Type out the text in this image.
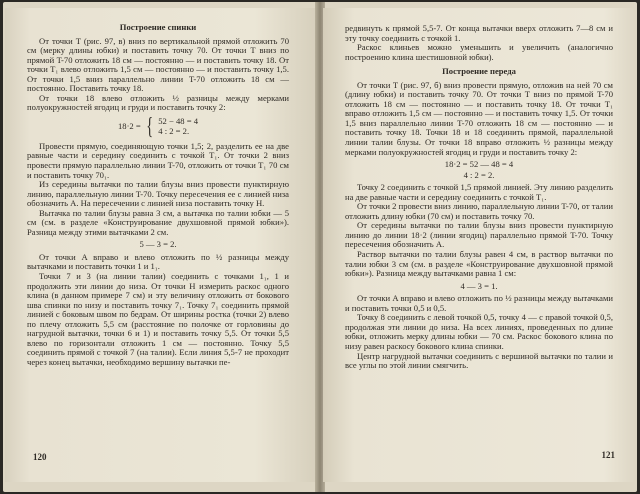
Построение спинки

От точки T (рис. 97, в) вниз по вертикальной прямой отложить 70 см (мерку длины юбки) и поставить точку 70. От точки T вниз по прямой T-70 отложить 18 см — постоянно — и поставить точку 18. От точки T₁ влево отложить 1,5 см — постоянно — и поставить точку 1,5. От точки 1,5 вниз параллельно линии T-70 отложить 18 см — постоянно. Поставить точку 18.

От точки 18 влево отложить ½ разницы между мерками полуокружностей ягодиц и груди и поставить точку 2:

18·2 = { 52 − 48 = 4
4 : 2 = 2.

Провести прямую, соединяющую точки 1,5; 2, разделить ее на две равные части и середину соединить с точкой T₁. От точки 2 вниз провести прямую параллельно линии T-70, отложить от точки T₁ 70 см и поставить точку 70₁.

Из середины вытачки по талии блузы вниз провести пунктирную линию, параллельную линии T-70. Точку пересечения ее с линией низа обозначить A. На пересечении с линией низа поставить точку H.

Вытачка по талии блузы равна 3 см, а вытачка по талии юбки — 5 см (см. в разделе «Конструирование двухшовной прямой юбки»). Разница между этими вытачками 2 см.

5 — 3 = 2.

От точки A вправо и влево отложить по ½ разницы между вытачками и поставить точки 1 и 1₁.

Точки 7 и 3 (на линии талии) соединить с точками 1₁, 1 и продолжить эти линии до низа. От точки H измерить раскос одного клина (в данном примере 7 см) и эту величину отложить от бокового шва спинки по низу и поставить точку 7₁. Точку 7₁ соединить прямой линией с боковым швом по бедрам. От ширины ростка (точки 2) влево по плечу отложить 5,5 см (расстояние по полочке от горловины до нагрудной вытачки, точки 6 и 1) и поставить точку 5,5. От точки 5,5 влево по горизонтали отложить 1 см — постоянно. Точку 5,5 соединить прямой с точкой 7 (на талии). Если линия 5,5-7 не проходит через конец вытачки, необходимо вершину вытачки пе-

120

редвинуть к прямой 5,5-7. От конца вытачки вверх отложить 7—8 см и эту точку соединить с точкой 1.

Раскос клиньев можно уменьшить и увеличить (аналогично построению клина шестишовной юбки).

Построение переда

От точки T (рис. 97, б) вниз провести прямую, отложив на ней 70 см (длину юбки) и поставить точку 70. От точки T вниз по прямой T-70 отложить 18 см — постоянно — и поставить точку 18. От точки T₁ вправо отложить 1,5 см — постоянно — и поставить точку 1,5. От точки 1,5 вниз параллельно линии T-70 отложить 18 см — постоянно — и поставить точку 18. Точки 18 и 18 соединить прямой, параллельной линии талии блузы. От точки 18 вправо отложить ½ разницы между мерками полуокружностей ягодиц и груди и поставить точку 2:

18·2 = 52 — 48 = 4
4 : 2 = 2.

Точку 2 соединить с точкой 1,5 прямой линией. Эту линию разделить на две равные части и середину соединить с точкой T₁.

От точки 2 провести вниз линию, параллельную линии T-70, от талии отложить длину юбки (70 см) и поставить точку 70.

От середины вытачки по талии блузы вниз провести пунктирную линию до линии 18·2 (линии ягодиц) параллельно прямой T-70. Точку пересечения обозначить A.

Раствор вытачки по талии блузы равен 4 см, в раствор вытачки по талии юбки 3 см (см. в разделе «Конструирование двухшовной прямой юбки»). Разница между вытачками равна 1 см:

4 — 3 = 1.

От точки A вправо и влево отложить по ½ разницы между вытачками и поставить точки 0,5 и 0,5.

Точку 8 соединить с левой точкой 0,5, точку 4 — с правой точкой 0,5, продолжая эти линии до низа. На всех линиях, проведенных по длине юбки, отложить мерку длины юбки — 70 см. Раскос бокового клина по низу равен раскосу бокового клина спинки.

Центр нагрудной вытачки соединить с вершиной вытачки по талии и все углы по этой линии смягчить.

121
